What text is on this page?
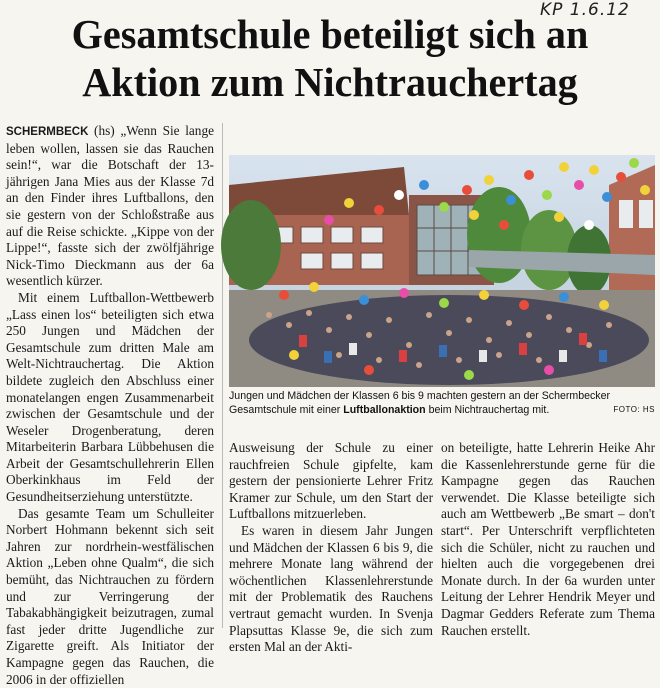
KP 1.6.12
Gesamtschule beteiligt sich an
Aktion zum Nichtrauchertag

SCHERMBECK (hs) „Wenn Sie lange leben wollen, lassen sie das Rauchen sein!“, war die Botschaft der 13-jährigen Jana Mies aus der Klasse 7d an den Finder ihres Luftballons, den sie gestern von der Schloßstraße aus auf die Reise schickte. „Kippe von der Lippe!“, fasste sich der zwölfjährige Nick-Timo Dieckmann aus der 6a wesentlich kürzer.

Mit einem Luftballon-Wettbewerb „Lass einen los“ beteiligten sich etwa 250 Jungen und Mädchen der Gesamtschule zum dritten Male am Welt-Nichtrauchertag. Die Aktion bildete zugleich den Abschluss einer monatelangen engen Zusammenarbeit zwischen der Gesamtschule und der Weseler Drogenberatung, deren Mitarbeiterin Barbara Lübbehusen die Arbeit der Gesamtschullehrerin Ellen Oberkinkhaus im Feld der Gesundheitserziehung unterstützte.

Das gesamte Team um Schulleiter Norbert Hohmann bekennt sich seit Jahren zur nordrhein-westfälischen Aktion „Leben ohne Qualm“, die sich bemüht, das Nichtrauchen zu fördern und zur Verringerung der Tabakabhängigkeit beizutragen, zumal fast jeder dritte Jugendliche zur Zigarette greift. Als Initiator der Kampagne gegen das Rauchen, die 2006 in der offiziellen

Jungen und Mädchen der Klassen 6 bis 9 machten gestern an der Schermbecker Gesamtschule mit einer Luftballonaktion beim Nichtrauchertag mit.	FOTO: HS

Ausweisung der Schule zu einer rauchfreien Schule gipfelte, kam gestern der pensionierte Lehrer Fritz Kramer zur Schule, um den Start der Luftballons mitzuerleben.

Es waren in diesem Jahr Jungen und Mädchen der Klassen 6 bis 9, die mehrere Monate lang während der wöchentlichen Klassenlehrerstunde mit der Problematik des Rauchens vertraut gemacht wurden. In Svenja Plapsuttas Klasse 9e, die sich zum ersten Mal an der Akti-

on beteiligte, hatte Lehrerin Heike Ahr die Kassenlehrerstunde gerne für die Kampagne gegen das Rauchen verwendet. Die Klasse beteiligte sich auch am Wettbewerb „Be smart – don't start“. Per Unterschrift verpflichteten sich die Schüler, nicht zu rauchen und hielten auch die vorgegebenen drei Monate durch. In der 6a wurden unter Leitung der Lehrer Hendrik Meyer und Dagmar Gedders Referate zum Thema Rauchen erstellt.
